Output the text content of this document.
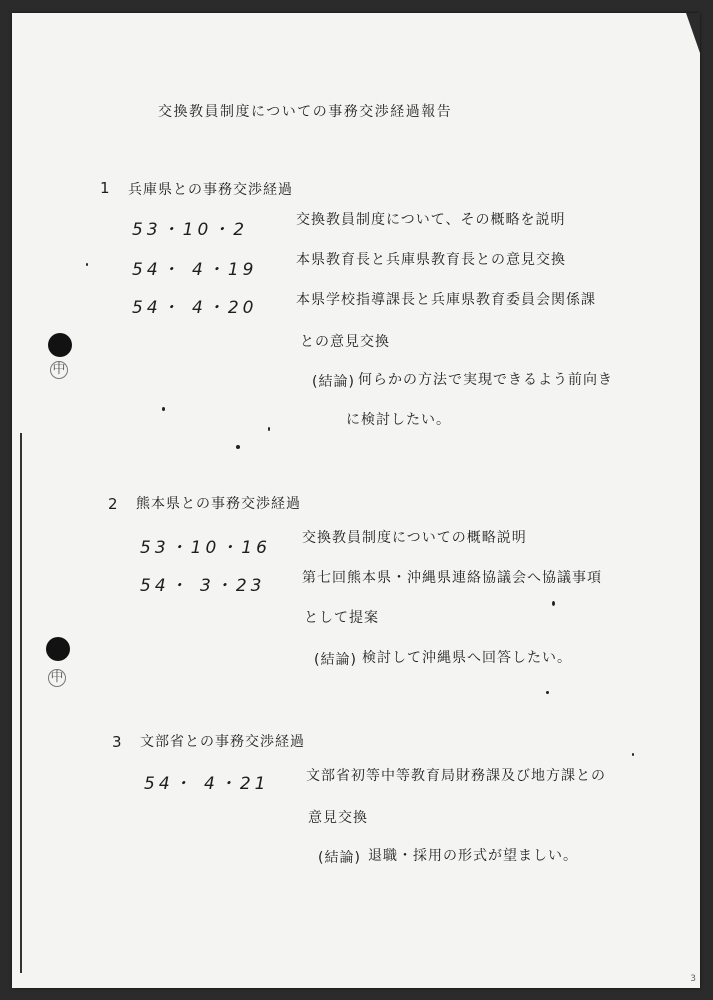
中
中
交換教員制度についての事務交渉経過報告
1 兵庫県との事務交渉経過
53・10・2	交換教員制度について、その概略を説明
54・ 4・19	本県教育長と兵庫県教育長との意見交換
54・ 4・20	本県学校指導課長と兵庫県教育委員会関係課
との意見交換
(結論) 何らかの方法で実現できるよう前向き
に検討したい。
2 熊本県との事務交渉経過
53・10・16 交換教員制度についての概略説明
54・ 3・23	第七回熊本県・沖縄県連絡協議会へ協議事項
として提案
(結論) 検討して沖縄県へ回答したい。
3 文部省との事務交渉経過
54・ 4・21	文部省初等中等教育局財務課及び地方課との
意見交換
(結論) 退職・採用の形式が望ましい。
3
